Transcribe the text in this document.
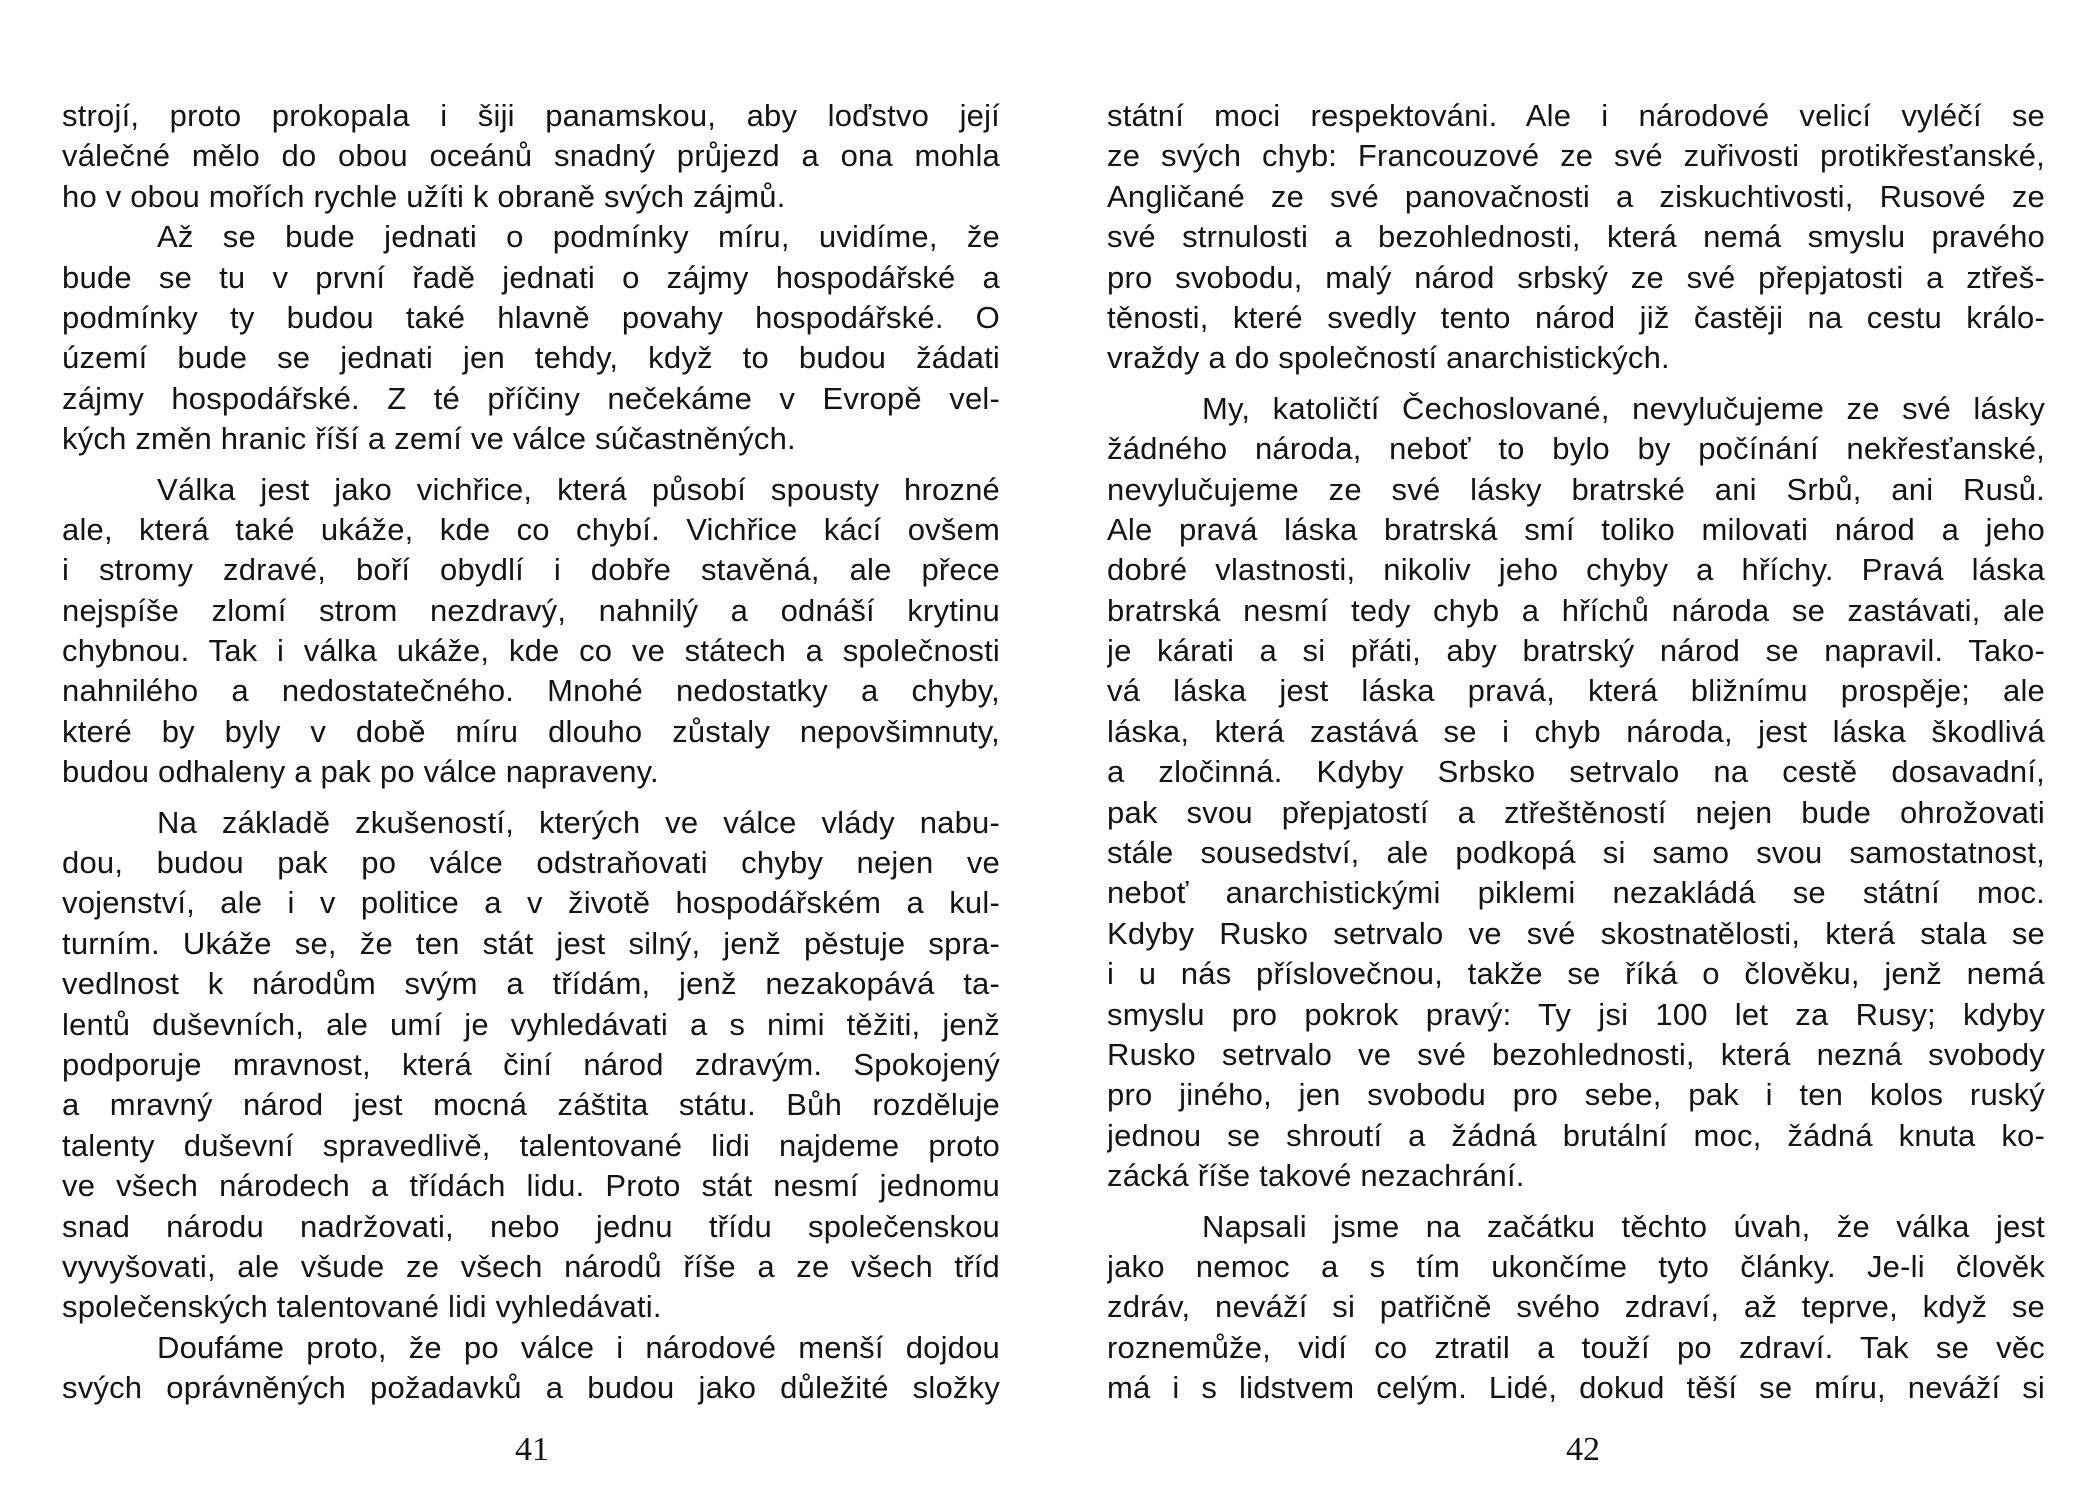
strojí, proto prokopala i šiji panamskou, aby loďstvo její
válečné mělo do obou oceánů snadný průjezd a ona mohla
ho v obou mořích rychle užíti k obraně svých zájmů.
Až se bude jednati o podmínky míru, uvidíme, že
bude se tu v první řadě jednati o zájmy hospodářské a
podmínky ty budou také hlavně povahy hospodářské. O
území bude se jednati jen tehdy, když to budou žádati
zájmy hospodářské. Z té příčiny nečekáme v Evropě vel-
kých změn hranic říší a zemí ve válce súčastněných.
Válka jest jako vichřice, která působí spousty hrozné
ale, která také ukáže, kde co chybí. Vichřice kácí ovšem
i stromy zdravé, boří obydlí i dobře stavěná, ale přece
nejspíše zlomí strom nezdravý, nahnilý a odnáší krytinu
chybnou. Tak i válka ukáže, kde co ve státech a společnosti
nahnilého a nedostatečného. Mnohé nedostatky a chyby,
které by byly v době míru dlouho zůstaly nepovšimnuty,
budou odhaleny a pak po válce napraveny.
Na základě zkušeností, kterých ve válce vlády nabu-
dou, budou pak po válce odstraňovati chyby nejen ve
vojenství, ale i v politice a v životě hospodářském a kul-
turním. Ukáže se, že ten stát jest silný, jenž pěstuje spra-
vedlnost k národům svým a třídám, jenž nezakopává ta-
lentů duševních, ale umí je vyhledávati a s nimi těžiti, jenž
podporuje mravnost, která činí národ zdravým. Spokojený
a mravný národ jest mocná záštita státu. Bůh rozděluje
talenty duševní spravedlivě, talentované lidi najdeme proto
ve všech národech a třídách lidu. Proto stát nesmí jednomu
snad národu nadržovati, nebo jednu třídu společenskou
vyvyšovati, ale všude ze všech národů říše a ze všech tříd
společenských talentované lidi vyhledávati.
Doufáme proto, že po válce i národové menší dojdou
svých oprávněných požadavků a budou jako důležité složky
státní moci respektováni. Ale i národové velicí vyléčí se
ze svých chyb: Francouzové ze své zuřivosti protikřesťanské,
Angličané ze své panovačnosti a ziskuchtivosti, Rusové ze
své strnulosti a bezohlednosti, která nemá smyslu pravého
pro svobodu, malý národ srbský ze své přepjatosti a ztřeš-
těnosti, které svedly tento národ již častěji na cestu králo-
vraždy a do společností anarchistických.
My, katoličtí Čechoslované, nevylučujeme ze své lásky
žádného národa, neboť to bylo by počínání nekřesťanské,
nevylučujeme ze své lásky bratrské ani Srbů, ani Rusů.
Ale pravá láska bratrská smí toliko milovati národ a jeho
dobré vlastnosti, nikoliv jeho chyby a hříchy. Pravá láska
bratrská nesmí tedy chyb a hříchů národa se zastávati, ale
je kárati a si přáti, aby bratrský národ se napravil. Tako-
vá láska jest láska pravá, která bližnímu prospěje; ale
láska, která zastává se i chyb národa, jest láska škodlivá
a zločinná. Kdyby Srbsko setrvalo na cestě dosavadní,
pak svou přepjatostí a ztřeštěností nejen bude ohrožovati
stále sousedství, ale podkopá si samo svou samostatnost,
neboť anarchistickými piklemi nezakládá se státní moc.
Kdyby Rusko setrvalo ve své skostnatělosti, která stala se
i u nás příslovečnou, takže se říká o člověku, jenž nemá
smyslu pro pokrok pravý: Ty jsi 100 let za Rusy; kdyby
Rusko setrvalo ve své bezohlednosti, která nezná svobody
pro jiného, jen svobodu pro sebe, pak i ten kolos ruský
jednou se shroutí a žádná brutální moc, žádná knuta ko-
zácká říše takové nezachrání.
Napsali jsme na začátku těchto úvah, že válka jest
jako nemoc a s tím ukončíme tyto články. Je-li člověk
zdráv, neváží si patřičně svého zdraví, až teprve, když se
roznemůže, vidí co ztratil a touží po zdraví. Tak se věc
má i s lidstvem celým. Lidé, dokud těší se míru, neváží si
41	42
